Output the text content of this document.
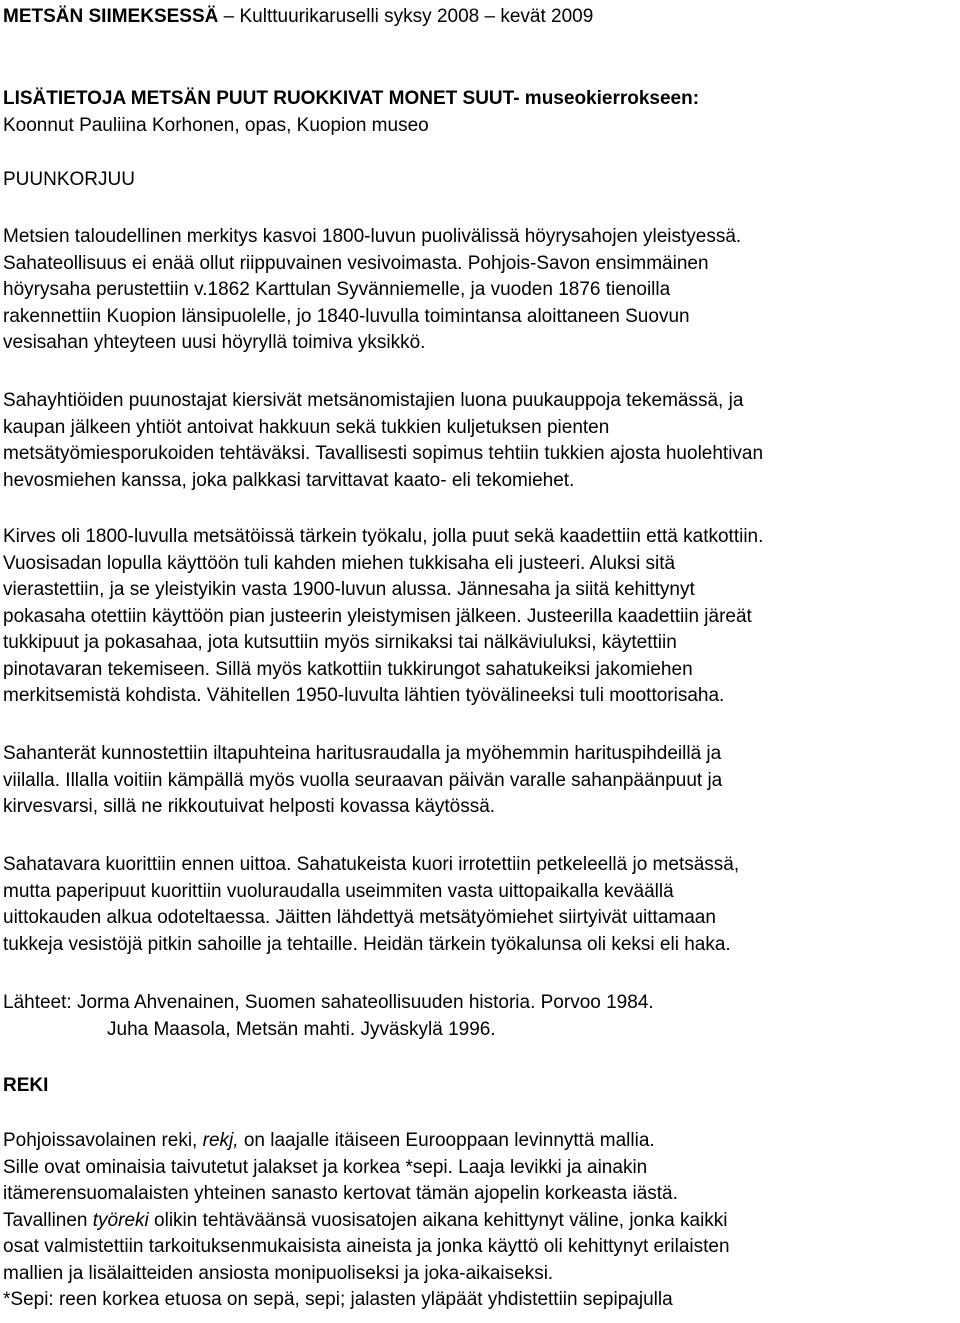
METSÄN SIIMEKSESSÄ – Kulttuurikaruselli syksy 2008 – kevät 2009
LISÄTIETOJA METSÄN PUUT RUOKKIVAT MONET SUUT- museokierrokseen:
Koonnut Pauliina Korhonen, opas, Kuopion museo
PUUNKORJUU
Metsien taloudellinen merkitys kasvoi 1800-luvun puolivälissä höyrysahojen yleistyessä.
Sahateollisuus ei enää ollut riippuvainen vesivoimasta. Pohjois-Savon ensimmäinen
höyrysaha perustettiin v.1862 Karttulan Syvänniemelle, ja vuoden 1876 tienoilla
rakennettiin Kuopion länsipuolelle, jo 1840-luvulla toimintansa aloittaneen Suovun
vesisahan yhteyteen uusi höyryllä toimiva yksikkö.
Sahayhtiöiden puunostajat kiersivät metsänomistajien luona puukauppoja tekemässä, ja
kaupan jälkeen yhtiöt antoivat hakkuun sekä tukkien kuljetuksen pienten
metsätyömiesporukoiden tehtäväksi. Tavallisesti sopimus tehtiin tukkien ajosta huolehtivan
hevosmiehen kanssa, joka palkkasi tarvittavat kaato- eli tekomiehet.
Kirves oli 1800-luvulla metsätöissä tärkein työkalu, jolla puut sekä kaadettiin että katkottiin.
Vuosisadan lopulla käyttöön tuli kahden miehen tukkisaha eli justeeri. Aluksi sitä
vierastettiin, ja se yleistyikin vasta 1900-luvun alussa. Jännesaha ja siitä kehittynyt
pokasaha otettiin käyttöön pian justeerin yleistymisen jälkeen. Justeerilla kaadettiin järeät
tukkipuut ja pokasahaa, jota kutsuttiin myös sirnikaksi tai nälkäviuluksi, käytettiin
pinotavaran tekemiseen. Sillä myös katkottiin tukkirungot sahatukeiksi jakomiehen
merkitsemistä kohdista. Vähitellen 1950-luvulta lähtien työvälineeksi tuli moottorisaha.
Sahanterät kunnostettiin iltapuhteina haritusraudalla ja myöhemmin harituspihdeillä ja
viilalla. Illalla voitiin kämpällä myös vuolla seuraavan päivän varalle sahanpäänpuut ja
kirvesvarsi, sillä ne rikkoutuivat helposti kovassa käytössä.
Sahatavara kuorittiin ennen uittoa. Sahatukeista kuori irrotettiin petkeleellä jo metsässä,
mutta paperipuut kuorittiin vuoluraudalla useimmiten vasta uittopaikalla keväällä
uittokauden alkua odoteltaessa. Jäitten lähdettyä metsätyömiehet siirtyivät uittamaan
tukkeja vesistöjä pitkin sahoille ja tehtaille. Heidän tärkein työkalunsa oli keksi eli haka.
Lähteet: Jorma Ahvenainen, Suomen sahateollisuuden historia. Porvoo 1984.
Juha Maasola, Metsän mahti. Jyväskylä 1996.
REKI
Pohjoissavolainen reki, rekj, on laajalle itäiseen Eurooppaan levinnyttä mallia.
Sille ovat ominaisia taivutetut jalakset ja korkea *sepi. Laaja levikki ja ainakin
itämerensuomalaisten yhteinen sanasto kertovat tämän ajopelin korkeasta iästä.
Tavallinen työreki olikin tehtäväänsä vuosisatojen aikana kehittynyt väline, jonka kaikki
osat valmistettiin tarkoituksenmukaisista aineista ja jonka käyttö oli kehittynyt erilaisten
mallien ja lisälaitteiden ansiosta monipuoliseksi ja joka-aikaiseksi.
*Sepi: reen korkea etuosa on sepä, sepi; jalasten yläpäät yhdistettiin sepipajulla
